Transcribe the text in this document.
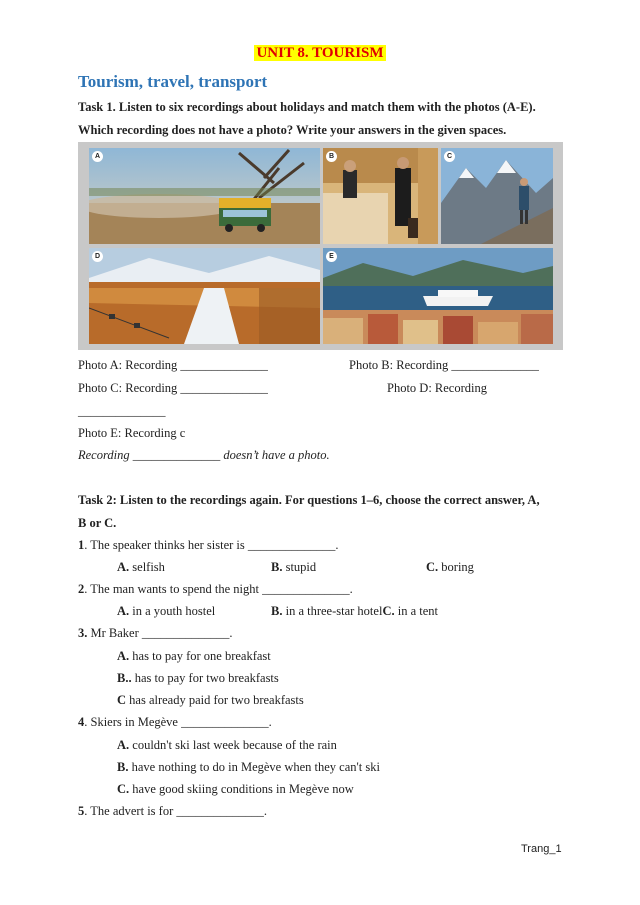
UNIT 8. TOURISM
Tourism, travel, transport
Task 1. Listen to six recordings about holidays and match them with the photos (A-E).
Which recording does not have a photo? Write your answers in the given spaces.
A	B	C
D	E
Photo A: Recording ______________	Photo B: Recording ______________
Photo C: Recording ______________	Photo D: Recording
______________
Photo E: Recording c
Recording ______________ doesn’t have a photo.
Task 2: Listen to the recordings again. For questions 1–6, choose the correct answer, A,
B or C.
1. The speaker thinks her sister is ______________.
A. selfish	B. stupid	C. boring
2. The man wants to spend the night ______________.
A. in a youth hostel	B. in a three-star hotelC. in a tent
3. Mr Baker ______________.
A. has to pay for one breakfast
B.. has to pay for two breakfasts
C has already paid for two breakfasts
4. Skiers in Megève ______________.
A. couldn't ski last week because of the rain
B. have nothing to do in Megève when they can't ski
C. have good skiing conditions in Megève now
5. The advert is for ______________.
Trang_1
